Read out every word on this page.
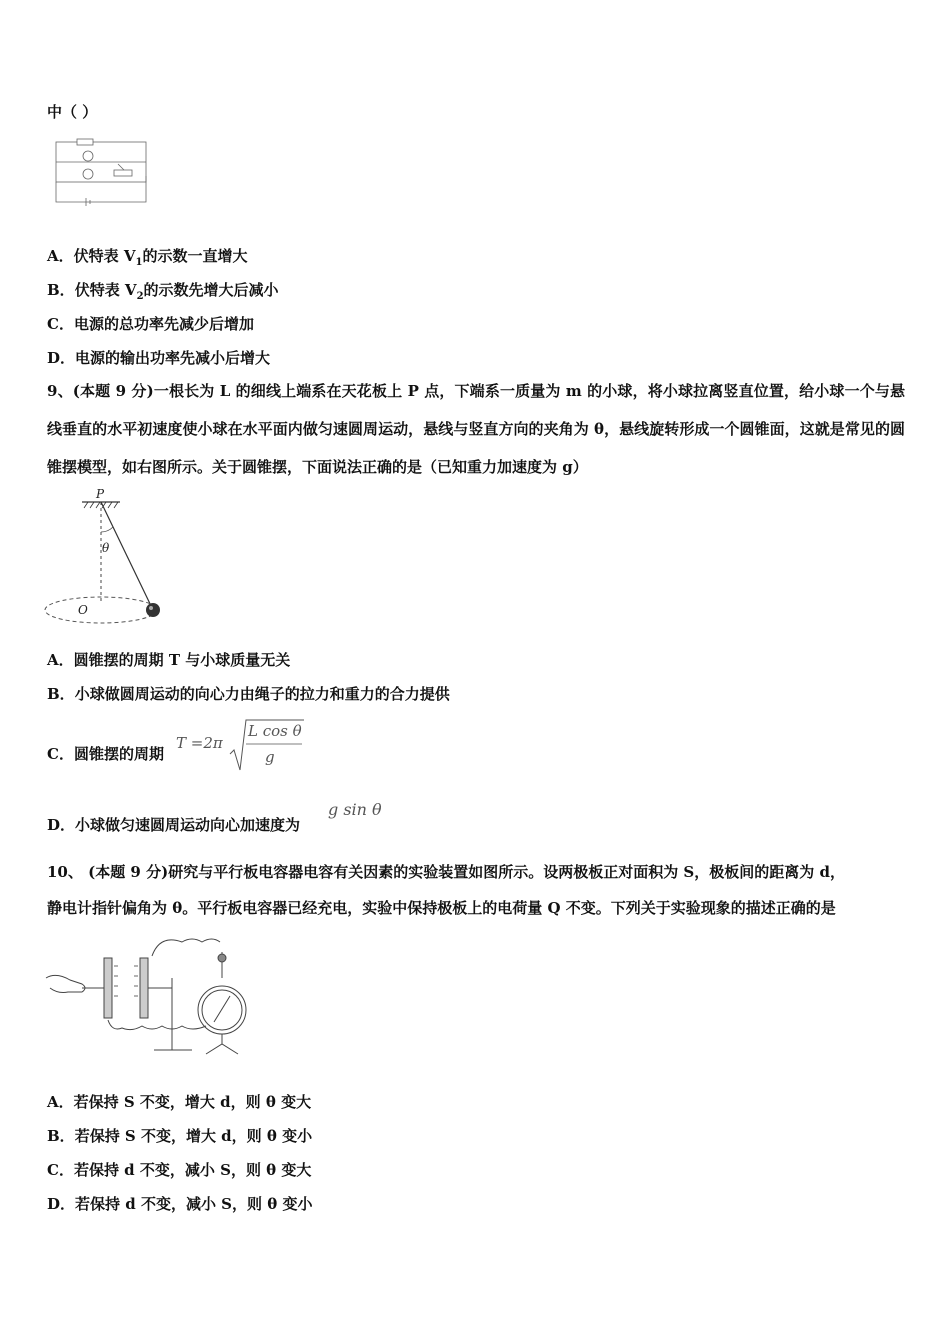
中（ ）
A．伏特表 $V_1$的示数一直增大
B．伏特表 $V_2$的示数先增大后减小
C．电源的总功率先减少后增加
D．电源的输出功率先减小后增大
9、(本题 9 分)一根长为 L 的细线上端系在天花板上 P 点，下端系一质量为 m 的小球，将小球拉离竖直位置，给小球一个与悬线垂直的水平初速度使小球在水平面内做匀速圆周运动，悬线与竖直方向的夹角为 θ，悬线旋转形成一个圆锥面，这就是常见的圆锥摆模型，如右图所示。关于圆锥摆，下面说法正确的是（已知重力加速度为 g）
P
θ
O
A．圆锥摆的周期 T 与小球质量无关
B．小球做圆周运动的向心力由绳子的拉力和重力的合力提供
C．圆锥摆的周期
T =2π
L cos θ
g
D．小球做匀速圆周运动向心加速度为
g sin θ
10、 (本题 9 分)研究与平行板电容器电容有关因素的实验装置如图所示。设两极板正对面积为 S，极板间的距离为 d，
静电计指针偏角为 θ。平行板电容器已经充电，实验中保持极板上的电荷量 Q 不变。下列关于实验现象的描述正确的是
A．若保持 S 不变，增大 d，则 θ 变大
B．若保持 S 不变，增大 d，则 θ 变小
C．若保持 d 不变，减小 S，则 θ 变大
D．若保持 d 不变，减小 S，则 θ 变小
